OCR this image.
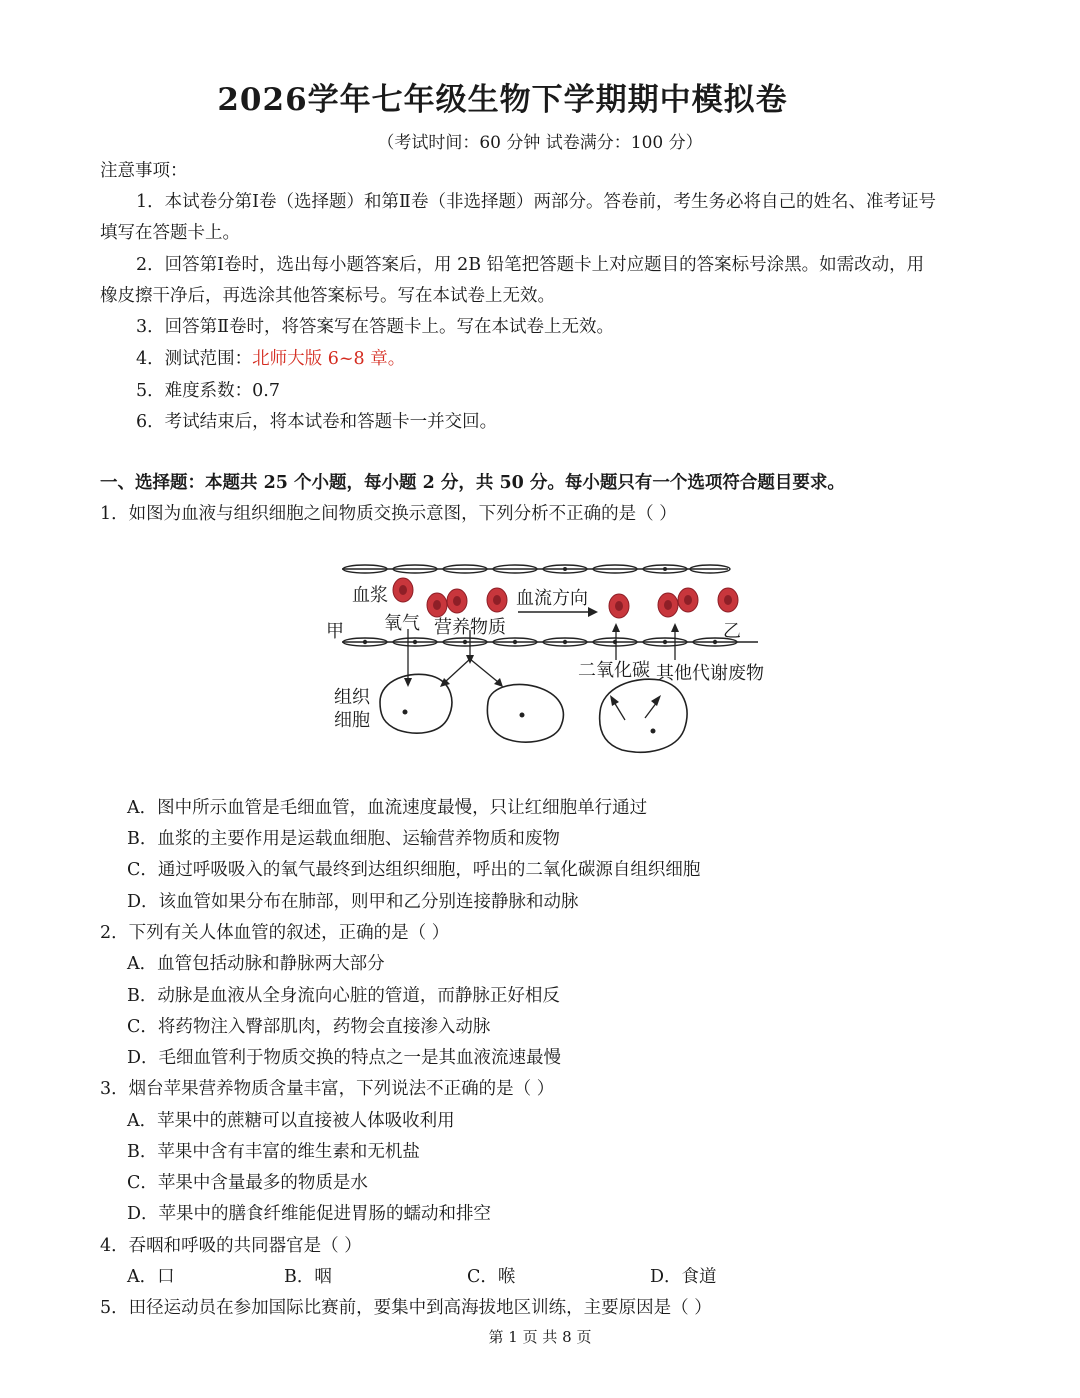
2026学年七年级生物下学期期中模拟卷
（考试时间：60 分钟 试卷满分：100 分）
注意事项：
1．本试卷分第Ⅰ卷（选择题）和第Ⅱ卷（非选择题）两部分。答卷前，考生务必将自己的姓名、准考证号
填写在答题卡上。
2．回答第Ⅰ卷时，选出每小题答案后，用 2B 铅笔把答题卡上对应题目的答案标号涂黑。如需改动，用
橡皮擦干净后，再选涂其他答案标号。写在本试卷上无效。
3．回答第Ⅱ卷时，将答案写在答题卡上。写在本试卷上无效。
4．测试范围：北师大版 6~8 章。
5．难度系数：0.7
6．考试结束后，将本试卷和答题卡一并交回。
一、选择题：本题共 25 个小题，每小题 2 分，共 50 分。每小题只有一个选项符合题目要求。
1．如图为血液与组织细胞之间物质交换示意图，下列分析不正确的是（ ）
血浆	血流方向
甲	乙
氧气 营养物质
二氧化碳 其他代谢废物
组织
细胞
A．图中所示血管是毛细血管，血流速度最慢，只让红细胞单行通过
B．血浆的主要作用是运载血细胞、运输营养物质和废物
C．通过呼吸吸入的氧气最终到达组织细胞，呼出的二氧化碳源自组织细胞
D．该血管如果分布在肺部，则甲和乙分别连接静脉和动脉
2．下列有关人体血管的叙述，正确的是（ ）
A．血管包括动脉和静脉两大部分
B．动脉是血液从全身流向心脏的管道，而静脉正好相反
C．将药物注入臀部肌肉，药物会直接渗入动脉
D．毛细血管利于物质交换的特点之一是其血液流速最慢
3．烟台苹果营养物质含量丰富，下列说法不正确的是（ ）
A．苹果中的蔗糖可以直接被人体吸收利用
B．苹果中含有丰富的维生素和无机盐
C．苹果中含量最多的物质是水
D．苹果中的膳食纤维能促进胃肠的蠕动和排空
4．吞咽和呼吸的共同器官是（ ）
A．口	B．咽	C．喉	D．食道
5．田径运动员在参加国际比赛前，要集中到高海拔地区训练，主要原因是（ ）
第 1 页 共 8 页
